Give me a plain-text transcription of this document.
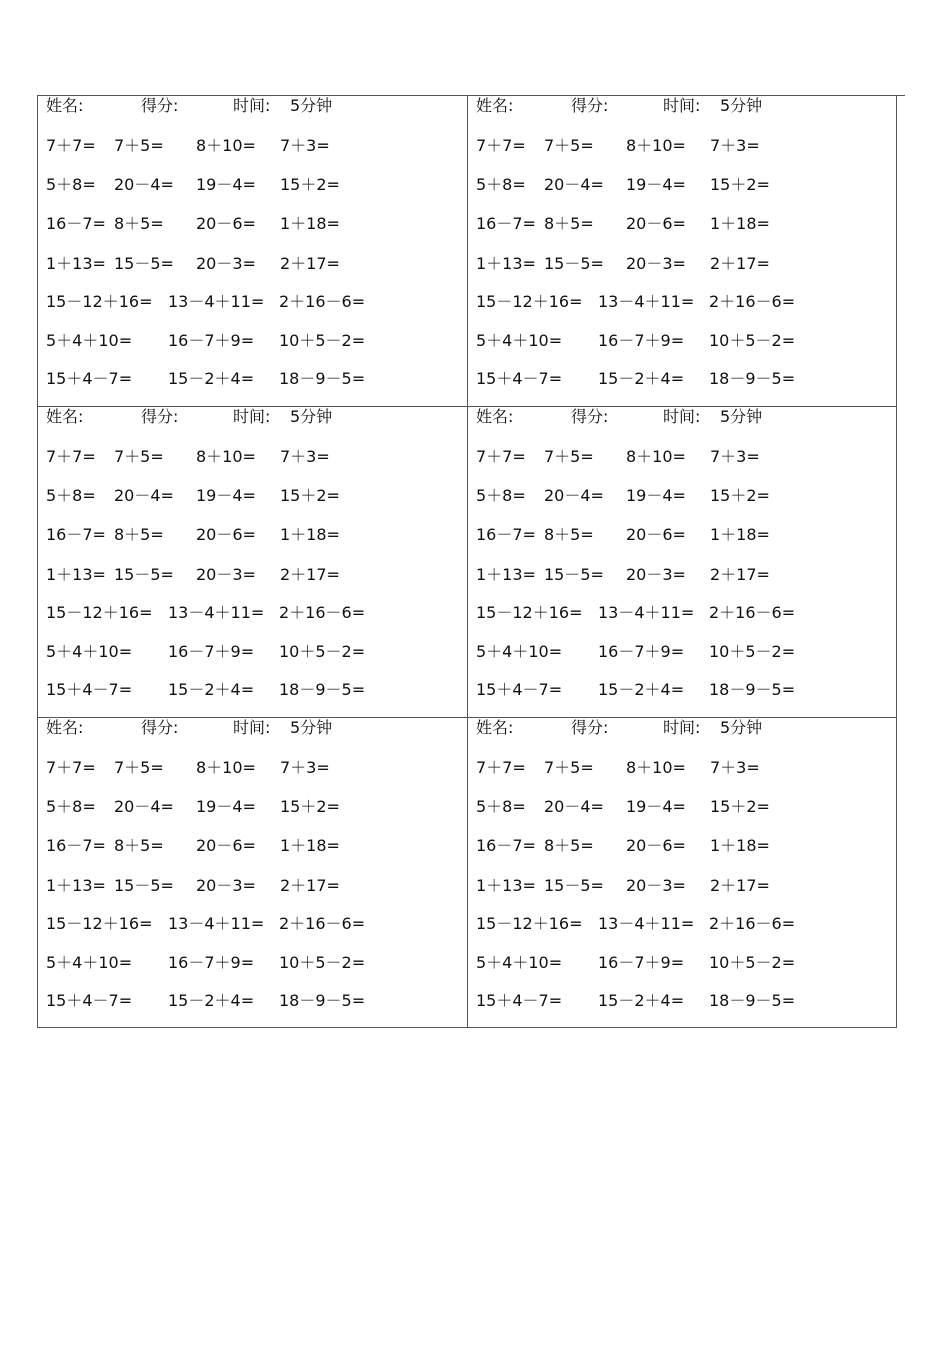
姓名:	得分:	时间: 5分钟
7＋7= 7＋5= 8＋10= 7＋3=
5＋8= 20－4= 19－4= 15＋2=
16－7= 8＋5= 20－6= 1＋18=
1＋13= 15－5= 20－3= 2＋17=
15－12＋16= 13－4＋11= 2＋16－6=
5＋4＋10= 16－7＋9= 10＋5－2=
15＋4－7= 15－2＋4= 18－9－5=
姓名:	得分:	时间: 5分钟
7＋7= 7＋5= 8＋10= 7＋3=
5＋8= 20－4= 19－4= 15＋2=
16－7= 8＋5= 20－6= 1＋18=
1＋13= 15－5= 20－3= 2＋17=
15－12＋16= 13－4＋11= 2＋16－6=
5＋4＋10= 16－7＋9= 10＋5－2=
15＋4－7= 15－2＋4= 18－9－5=
姓名:	得分:	时间: 5分钟
7＋7= 7＋5= 8＋10= 7＋3=
5＋8= 20－4= 19－4= 15＋2=
16－7= 8＋5= 20－6= 1＋18=
1＋13= 15－5= 20－3= 2＋17=
15－12＋16= 13－4＋11= 2＋16－6=
5＋4＋10= 16－7＋9= 10＋5－2=
15＋4－7= 15－2＋4= 18－9－5=
姓名:	得分:	时间: 5分钟
7＋7= 7＋5= 8＋10= 7＋3=
5＋8= 20－4= 19－4= 15＋2=
16－7= 8＋5= 20－6= 1＋18=
1＋13= 15－5= 20－3= 2＋17=
15－12＋16= 13－4＋11= 2＋16－6=
5＋4＋10= 16－7＋9= 10＋5－2=
15＋4－7= 15－2＋4= 18－9－5=
姓名:	得分:	时间: 5分钟
7＋7= 7＋5= 8＋10= 7＋3=
5＋8= 20－4= 19－4= 15＋2=
16－7= 8＋5= 20－6= 1＋18=
1＋13= 15－5= 20－3= 2＋17=
15－12＋16= 13－4＋11= 2＋16－6=
5＋4＋10= 16－7＋9= 10＋5－2=
15＋4－7= 15－2＋4= 18－9－5=
姓名:	得分:	时间: 5分钟
7＋7= 7＋5= 8＋10= 7＋3=
5＋8= 20－4= 19－4= 15＋2=
16－7= 8＋5= 20－6= 1＋18=
1＋13= 15－5= 20－3= 2＋17=
15－12＋16= 13－4＋11= 2＋16－6=
5＋4＋10= 16－7＋9= 10＋5－2=
15＋4－7= 15－2＋4= 18－9－5=
